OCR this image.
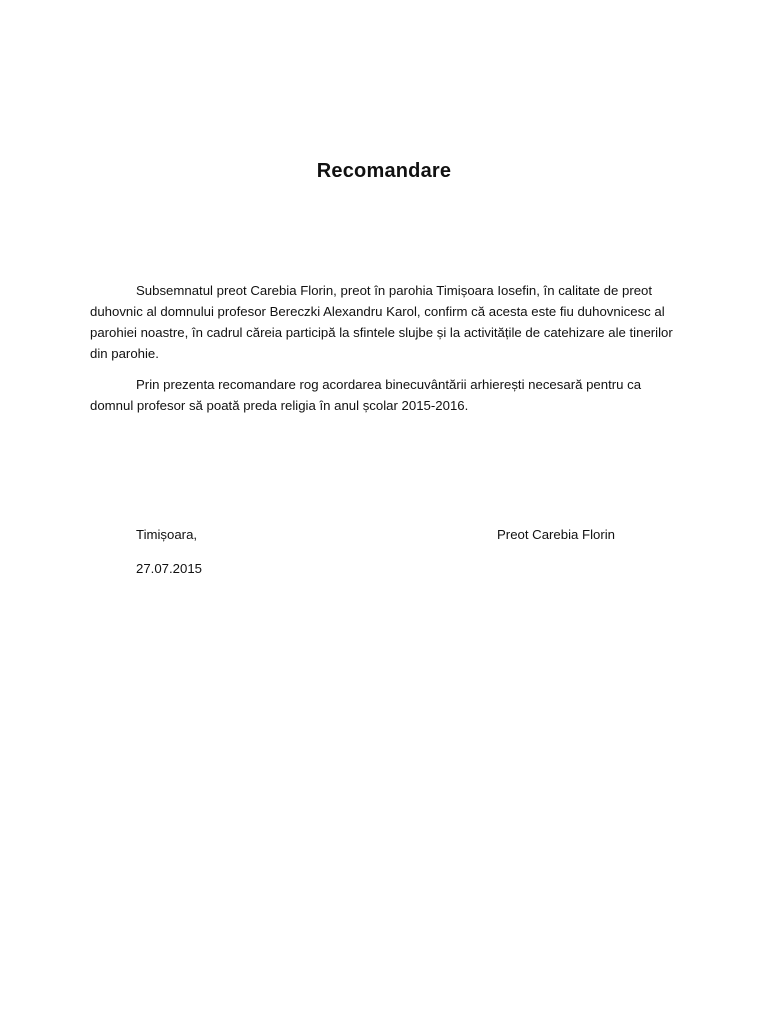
Recomandare

Subsemnatul preot Carebia Florin, preot în parohia Timișoara Iosefin, în calitate de preot duhovnic al domnului profesor Bereczki Alexandru Karol, confirm că acesta este fiu duhovnicesc al parohiei noastre, în cadrul căreia participă la sfintele slujbe și la activitățile de catehizare ale tinerilor din parohie.

Prin prezenta recomandare rog acordarea binecuvântării arhierești necesară pentru ca domnul profesor să poată preda religia în anul școlar 2015-2016.

Timișoara,	Preot Carebia Florin

27.07.2015
